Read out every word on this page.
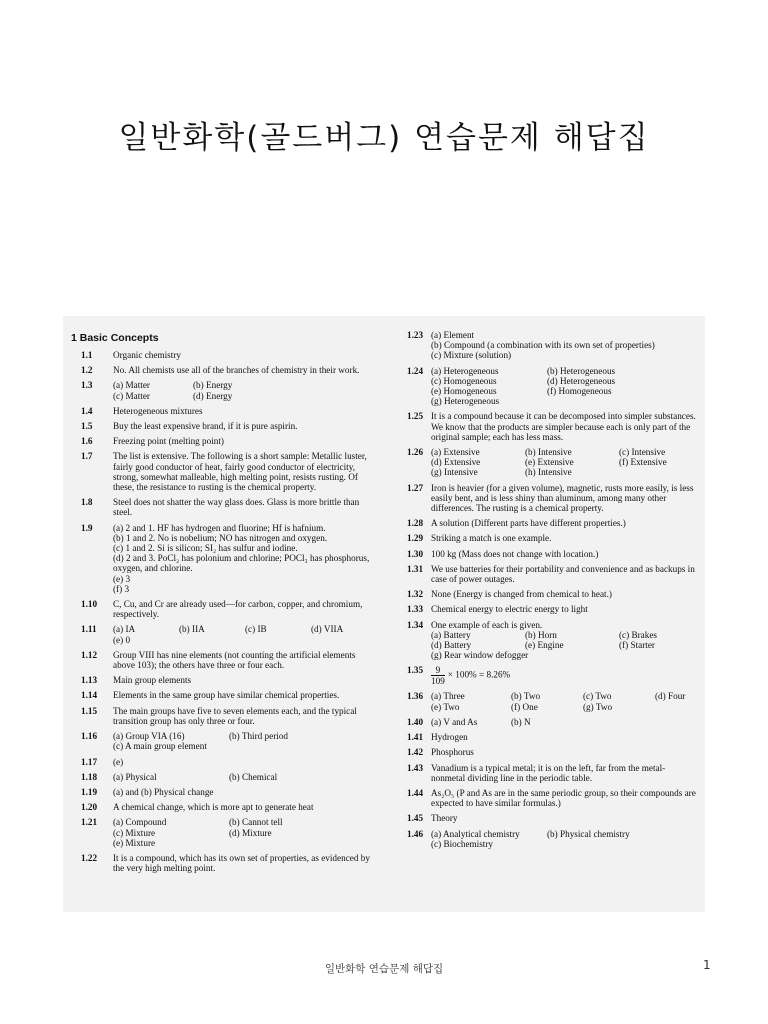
일반화학(골드버그) 연습문제 해답집
1 Basic Concepts
1.1	Organic chemistry
1.2	No. All chemists use all of the branches of chemistry in their work.
1.3	(a) Matter	(b) Energy
(c) Matter	(d) Energy
1.4	Heterogeneous mixtures
1.5	Buy the least expensive brand, if it is pure aspirin.
1.6	Freezing point (melting point)
1.7	The list is extensive. The following is a short sample: Metallic luster, fairly good conductor of heat, fairly good conductor of electricity, strong, somewhat malleable, high melting point, resists rusting. Of these, the resistance to rusting is the chemical property.
1.8	Steel does not shatter the way glass does. Glass is more brittle than steel.
1.9	(a) 2 and 1. HF has hydrogen and fluorine; Hf is hafnium.
(b) 1 and 2. No is nobelium; NO has nitrogen and oxygen.
(c) 1 and 2. Si is silicon; SI₂ has sulfur and iodine.
(d) 2 and 3. PoCl₂ has polonium and chlorine; POCl₃ has phosphorus, oxygen, and chlorine.
(e) 3
(f) 3
1.10	C, Cu, and Cr are already used—for carbon, copper, and chromium, respectively.
1.11	(a) IA	(b) IIA	(c) IB	(d) VIIA
(e) 0
1.12	Group VIII has nine elements (not counting the artificial elements above 103); the others have three or four each.
1.13	Main group elements
1.14	Elements in the same group have similar chemical properties.
1.15	The main groups have five to seven elements each, and the typical transition group has only three or four.
1.16	(a) Group VIA (16)	(b) Third period
(c) A main group element
1.17	(e)
1.18	(a) Physical	(b) Chemical
1.19	(a) and (b) Physical change
1.20	A chemical change, which is more apt to generate heat
1.21	(a) Compound	(b) Cannot tell
(c) Mixture	(d) Mixture
(e) Mixture
1.22	It is a compound, which has its own set of properties, as evidenced by the very high melting point.
1.23 (a) Element
(b) Compound (a combination with its own set of properties)
(c) Mixture (solution)
1.24 (a) Heterogeneous	(b) Heterogeneous
(c) Homogeneous	(d) Heterogeneous
(e) Homogeneous	(f) Homogeneous
(g) Heterogeneous
1.25 It is a compound because it can be decomposed into simpler substances. We know that the products are simpler because each is only part of the original sample; each has less mass.
1.26 (a) Extensive	(b) Intensive	(c) Intensive
(d) Extensive	(e) Extensive	(f) Extensive
(g) Intensive	(h) Intensive
1.27 Iron is heavier (for a given volume), magnetic, rusts more easily, is less easily bent, and is less shiny than aluminum, among many other differences. The rusting is a chemical property.
1.28 A solution (Different parts have different properties.)
1.29 Striking a match is one example.
1.30 100 kg (Mass does not change with location.)
1.31 We use batteries for their portability and convenience and as backups in case of power outages.
1.32 None (Energy is changed from chemical to heat.)
1.33 Chemical energy to electric energy to light
1.34 One example of each is given.
(a) Battery	(b) Horn	(c) Brakes
(d) Battery	(e) Engine	(f) Starter
(g) Rear window defogger
$1.35 \frac{9}{109} \times 100\% = 8.26\%$
1.36 (a) Three	(b) Two	(c) Two	(d) Four
(e) Two	(f) One	(g) Two
1.40 (a) V and As	(b) N
1.41 Hydrogen
1.42 Phosphorus
1.43 Vanadium is a typical metal; it is on the left, far from the metal-nonmetal dividing line in the periodic table.
1.44 As₂O₅ (P and As are in the same periodic group, so their compounds are expected to have similar formulas.)
1.45 Theory
1.46 (a) Analytical chemistry	(b) Physical chemistry
(c) Biochemistry
일반화학 연습문제 해답집	1
